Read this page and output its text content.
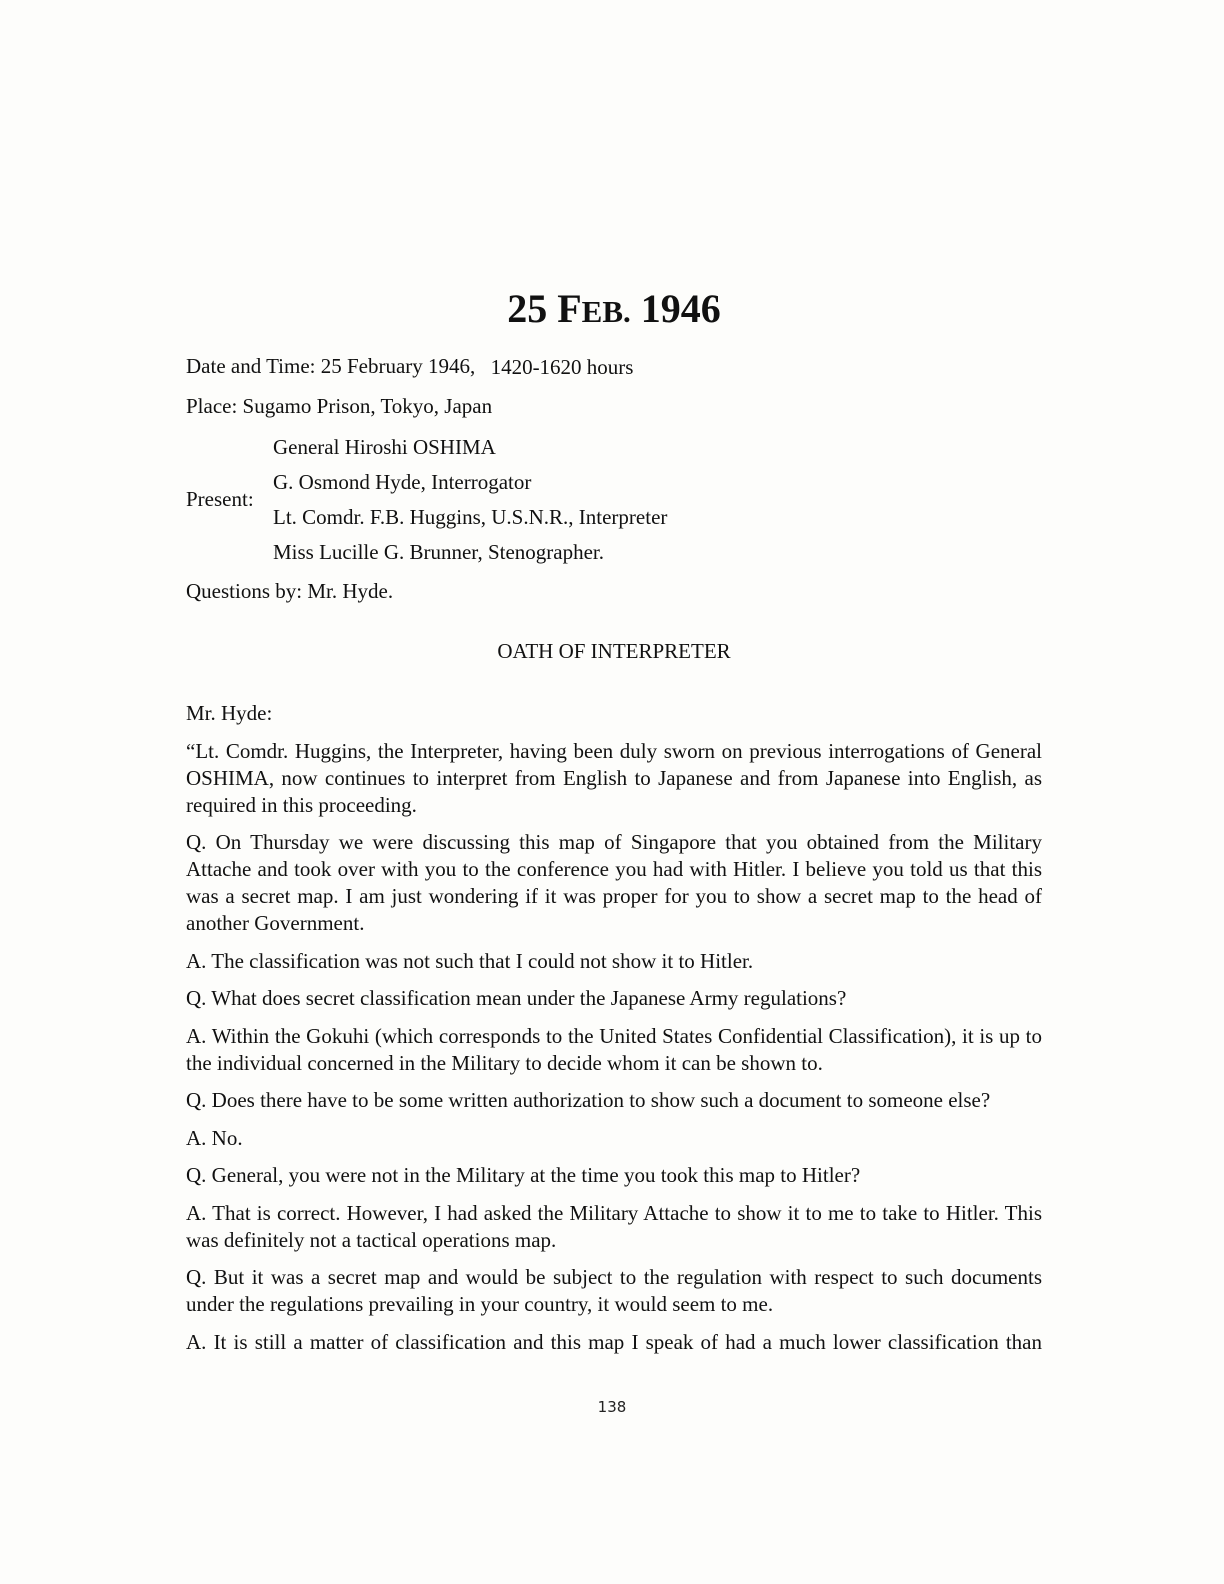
25 FEB. 1946
Date and Time: 25 February 1946, 1420-1620 hours
Place: Sugamo Prison, Tokyo, Japan
Present:
General Hiroshi OSHIMA
G. Osmond Hyde, Interrogator
Lt. Comdr. F.B. Huggins, U.S.N.R., Interpreter
Miss Lucille G. Brunner, Stenographer.
Questions by: Mr. Hyde.
OATH OF INTERPRETER

Mr. Hyde:

“Lt. Comdr. Huggins, the Interpreter, having been duly sworn on previous interrogations of General OSHIMA, now continues to interpret from English to Japanese and from Japanese into English, as required in this proceeding.

Q. On Thursday we were discussing this map of Singapore that you obtained from the Military Attache and took over with you to the conference you had with Hitler. I believe you told us that this was a secret map. I am just wondering if it was proper for you to show a secret map to the head of another Government.

A. The classification was not such that I could not show it to Hitler.

Q. What does secret classification mean under the Japanese Army regulations?

A. Within the Gokuhi (which corresponds to the United States Confidential Classification), it is up to the individual concerned in the Military to decide whom it can be shown to.

Q. Does there have to be some written authorization to show such a document to someone else?

A. No.

Q. General, you were not in the Military at the time you took this map to Hitler?

A. That is correct. However, I had asked the Military Attache to show it to me to take to Hitler. This was definitely not a tactical operations map.

Q. But it was a secret map and would be subject to the regulation with respect to such documents under the regulations prevailing in your country, it would seem to me.

A. It is still a matter of classification and this map I speak of had a much lower classification than

138
